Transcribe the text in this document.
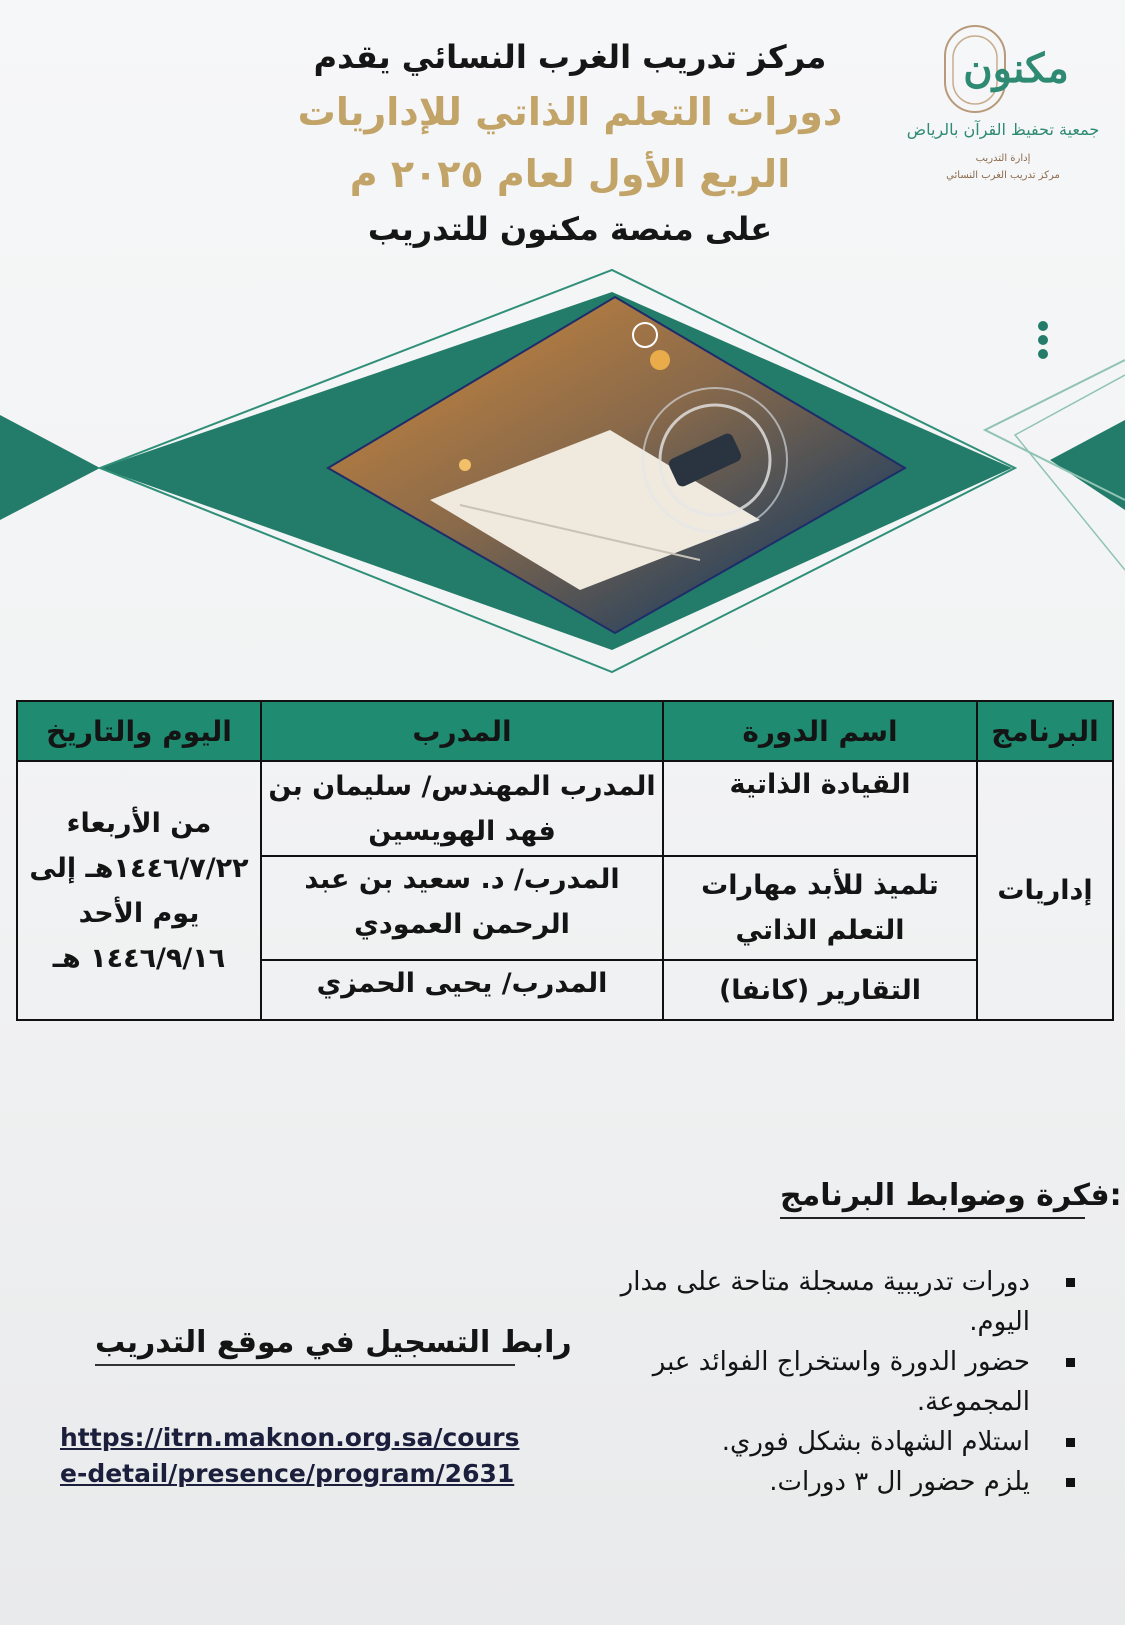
مركز تدريب الغرب النسائي يقدم
دورات التعلم الذاتي للإداريات
الربع الأول لعام ٢٠٢٥ م
على منصة مكنون للتدريب
مكنون
جمعية تحفيظ القرآن بالرياض
إدارة التدريب
مركز تدريب الغرب النسائي
البرنامج	اسم الدورة	المدرب	اليوم والتاريخ
إداريات	القيادة الذاتية	المدرب المهندس/ سليمان بن فهد الهويسين	من الأربعاء ١٤٤٦/٧/٢٢هـ إلى يوم الأحد ١٤٤٦/٩/١٦ هـ
	تلميذ للأبد مهارات التعلم الذاتي	المدرب/ د. سعيد بن عبد الرحمن العمودي	
	التقارير (كانفا)	المدرب/ يحيى الحمزي	
فكرة وضوابط البرنامج:
دورات تدريبية مسجلة متاحة على مدار اليوم.
حضور الدورة واستخراج الفوائد عبر المجموعة.
استلام الشهادة بشكل فوري.
يلزم حضور ال ٣ دورات.
رابط التسجيل في موقع التدريب
https://itrn.maknon.org.sa/course-detail/presence/program/2631
